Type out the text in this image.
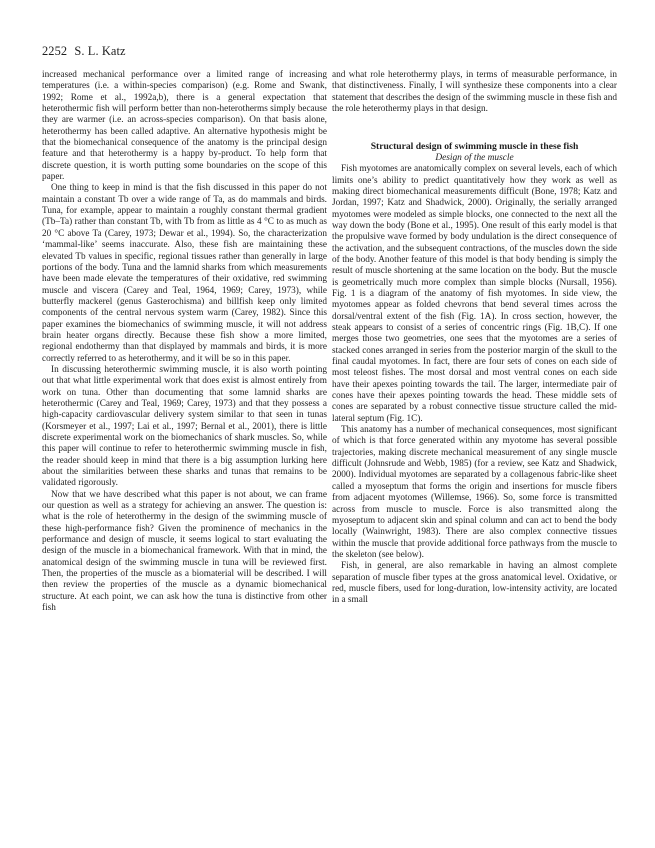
2252 S. L. Katz

increased mechanical performance over a limited range of increasing temperatures (i.e. a within-species comparison) (e.g. Rome and Swank, 1992; Rome et al., 1992a,b), there is a general expectation that heterothermic fish will perform better than non-heterotherms simply because they are warmer (i.e. an across-species comparison). On that basis alone, heterothermy has been called adaptive. An alternative hypothesis might be that the biomechanical consequence of the anatomy is the principal design feature and that heterothermy is a happy by-product. To help form that discrete question, it is worth putting some boundaries on the scope of this paper.

One thing to keep in mind is that the fish discussed in this paper do not maintain a constant Tb over a wide range of Ta, as do mammals and birds. Tuna, for example, appear to maintain a roughly constant thermal gradient (Tb–Ta) rather than constant Tb, with Tb from as little as 4 °C to as much as 20 °C above Ta (Carey, 1973; Dewar et al., 1994). So, the characterization ‘mammal-like’ seems inaccurate. Also, these fish are maintaining these elevated Tb values in specific, regional tissues rather than generally in large portions of the body. Tuna and the lamnid sharks from which measurements have been made elevate the temperatures of their oxidative, red swimming muscle and viscera (Carey and Teal, 1964, 1969; Carey, 1973), while butterfly mackerel (genus Gasterochisma) and billfish keep only limited components of the central nervous system warm (Carey, 1982). Since this paper examines the biomechanics of swimming muscle, it will not address brain heater organs directly. Because these fish show a more limited, regional endothermy than that displayed by mammals and birds, it is more correctly referred to as heterothermy, and it will be so in this paper.

In discussing heterothermic swimming muscle, it is also worth pointing out that what little experimental work that does exist is almost entirely from work on tuna. Other than documenting that some lamnid sharks are heterothermic (Carey and Teal, 1969; Carey, 1973) and that they possess a high-capacity cardiovascular delivery system similar to that seen in tunas (Korsmeyer et al., 1997; Lai et al., 1997; Bernal et al., 2001), there is little discrete experimental work on the biomechanics of shark muscles. So, while this paper will continue to refer to heterothermic swimming muscle in fish, the reader should keep in mind that there is a big assumption lurking here about the similarities between these sharks and tunas that remains to be validated rigorously.

Now that we have described what this paper is not about, we can frame our question as well as a strategy for achieving an answer. The question is: what is the role of heterothermy in the design of the swimming muscle of these high-performance fish? Given the prominence of mechanics in the performance and design of muscle, it seems logical to start evaluating the design of the muscle in a biomechanical framework. With that in mind, the anatomical design of the swimming muscle in tuna will be reviewed first. Then, the properties of the muscle as a biomaterial will be described. I will then review the properties of the muscle as a dynamic biomechanical structure. At each point, we can ask how the tuna is distinctive from other fish

and what role heterothermy plays, in terms of measurable performance, in that distinctiveness. Finally, I will synthesize these components into a clear statement that describes the design of the swimming muscle in these fish and the role heterothermy plays in that design.

Structural design of swimming muscle in these fish
Design of the muscle

Fish myotomes are anatomically complex on several levels, each of which limits one’s ability to predict quantitatively how they work as well as making direct biomechanical measurements difficult (Bone, 1978; Katz and Jordan, 1997; Katz and Shadwick, 2000). Originally, the serially arranged myotomes were modeled as simple blocks, one connected to the next all the way down the body (Bone et al., 1995). One result of this early model is that the propulsive wave formed by body undulation is the direct consequence of the activation, and the subsequent contractions, of the muscles down the side of the body. Another feature of this model is that body bending is simply the result of muscle shortening at the same location on the body. But the muscle is geometrically much more complex than simple blocks (Nursall, 1956). Fig. 1 is a diagram of the anatomy of fish myotomes. In side view, the myotomes appear as folded chevrons that bend several times across the dorsal/ventral extent of the fish (Fig. 1A). In cross section, however, the steak appears to consist of a series of concentric rings (Fig. 1B,C). If one merges those two geometries, one sees that the myotomes are a series of stacked cones arranged in series from the posterior margin of the skull to the final caudal myotomes. In fact, there are four sets of cones on each side of most teleost fishes. The most dorsal and most ventral cones on each side have their apexes pointing towards the tail. The larger, intermediate pair of cones have their apexes pointing towards the head. These middle sets of cones are separated by a robust connective tissue structure called the mid-lateral septum (Fig. 1C).

This anatomy has a number of mechanical consequences, most significant of which is that force generated within any myotome has several possible trajectories, making discrete mechanical measurement of any single muscle difficult (Johnsrude and Webb, 1985) (for a review, see Katz and Shadwick, 2000). Individual myotomes are separated by a collagenous fabric-like sheet called a myoseptum that forms the origin and insertions for muscle fibers from adjacent myotomes (Willemse, 1966). So, some force is transmitted across from muscle to muscle. Force is also transmitted along the myoseptum to adjacent skin and spinal column and can act to bend the body locally (Wainwright, 1983). There are also complex connective tissues within the muscle that provide additional force pathways from the muscle to the skeleton (see below).

Fish, in general, are also remarkable in having an almost complete separation of muscle fiber types at the gross anatomical level. Oxidative, or red, muscle fibers, used for long-duration, low-intensity activity, are located in a small
